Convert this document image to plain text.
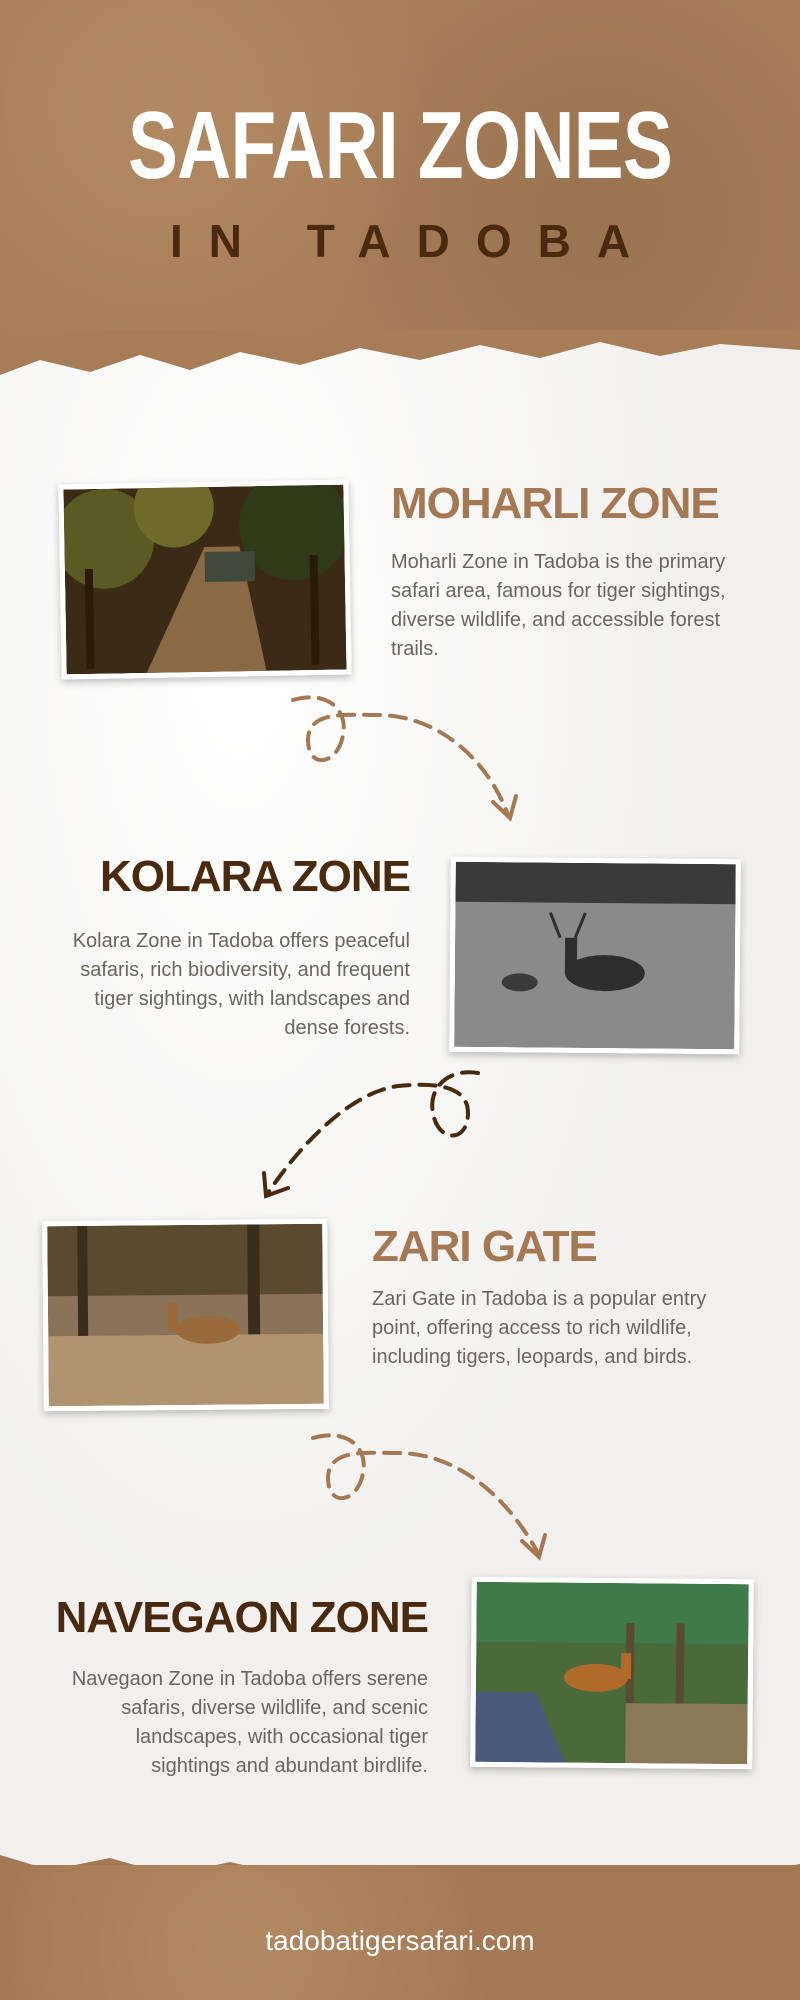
SAFARI ZONES
IN TADOBA
MOHARLI ZONE

Moharli Zone in Tadoba is the primary safari area, famous for tiger sightings, diverse wildlife, and accessible forest trails.

KOLARA ZONE

Kolara Zone in Tadoba offers peaceful safaris, rich biodiversity, and frequent tiger sightings, with landscapes and dense forests.

ZARI GATE

Zari Gate in Tadoba is a popular entry point, offering access to rich wildlife, including tigers, leopards, and birds.

NAVEGAON ZONE

Navegaon Zone in Tadoba offers serene safaris, diverse wildlife, and scenic landscapes, with occasional tiger sightings and abundant birdlife.

tadobatigersafari.com
